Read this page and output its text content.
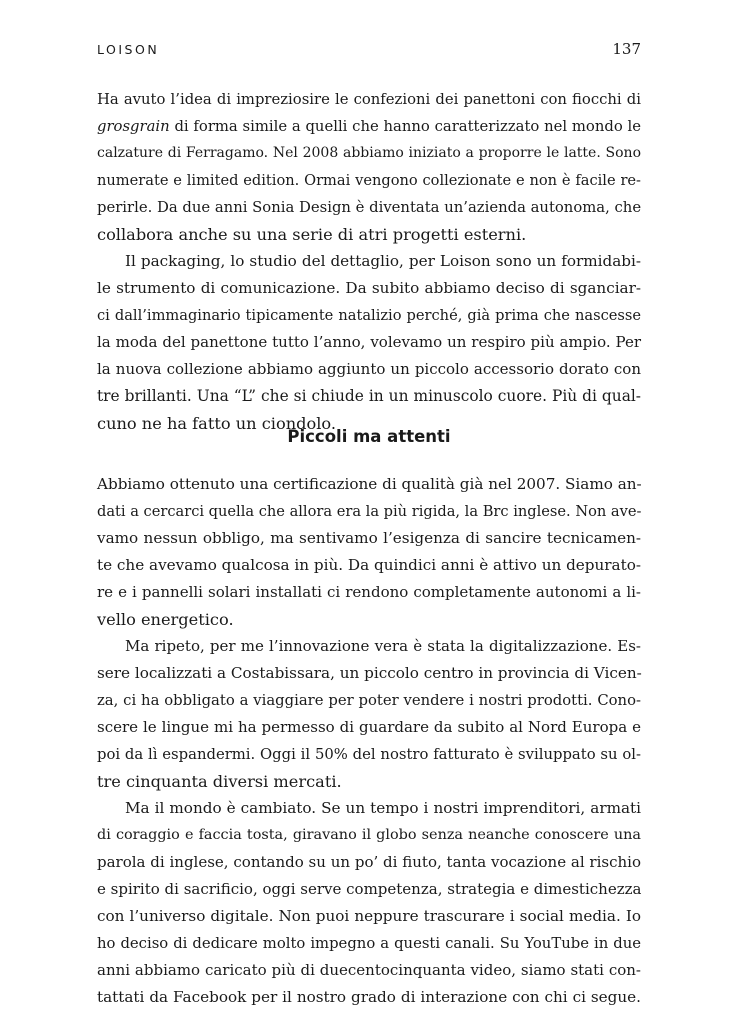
LOISON	137
Ha avuto l’idea di impreziosire le confezioni dei panettoni con fiocchi di
grosgrain di forma simile a quelli che hanno caratterizzato nel mondo le
calzature di Ferragamo. Nel 2008 abbiamo iniziato a proporre le latte. Sono
numerate e limited edition. Ormai vengono collezionate e non è facile re-
perirle. Da due anni Sonia Design è diventata un’azienda autonoma, che
collabora anche su una serie di atri progetti esterni.
Il packaging, lo studio del dettaglio, per Loison sono un formidabi-
le strumento di comunicazione. Da subito abbiamo deciso di sganciar-
ci dall’immaginario tipicamente natalizio perché, già prima che nascesse
la moda del panettone tutto l’anno, volevamo un respiro più ampio. Per
la nuova collezione abbiamo aggiunto un piccolo accessorio dorato con
tre brillanti. Una “L” che si chiude in un minuscolo cuore. Più di qual-
cuno ne ha fatto un ciondolo.
Piccoli ma attenti
Abbiamo ottenuto una certificazione di qualità già nel 2007. Siamo an-
dati a cercarci quella che allora era la più rigida, la Brc inglese. Non ave-
vamo nessun obbligo, ma sentivamo l’esigenza di sancire tecnicamen-
te che avevamo qualcosa in più. Da quindici anni è attivo un depurato-
re e i pannelli solari installati ci rendono completamente autonomi a li-
vello energetico.
Ma ripeto, per me l’innovazione vera è stata la digitalizzazione. Es-
sere localizzati a Costabissara, un piccolo centro in provincia di Vicen-
za, ci ha obbligato a viaggiare per poter vendere i nostri prodotti. Cono-
scere le lingue mi ha permesso di guardare da subito al Nord Europa e
poi da lì espandermi. Oggi il 50% del nostro fatturato è sviluppato su ol-
tre cinquanta diversi mercati.
Ma il mondo è cambiato. Se un tempo i nostri imprenditori, armati
di coraggio e faccia tosta, giravano il globo senza neanche conoscere una
parola di inglese, contando su un po’ di fiuto, tanta vocazione al rischio
e spirito di sacrificio, oggi serve competenza, strategia e dimestichezza
con l’universo digitale. Non puoi neppure trascurare i social media. Io
ho deciso di dedicare molto impegno a questi canali. Su YouTube in due
anni abbiamo caricato più di duecentocinquanta video, siamo stati con-
tattati da Facebook per il nostro grado di interazione con chi ci segue.
